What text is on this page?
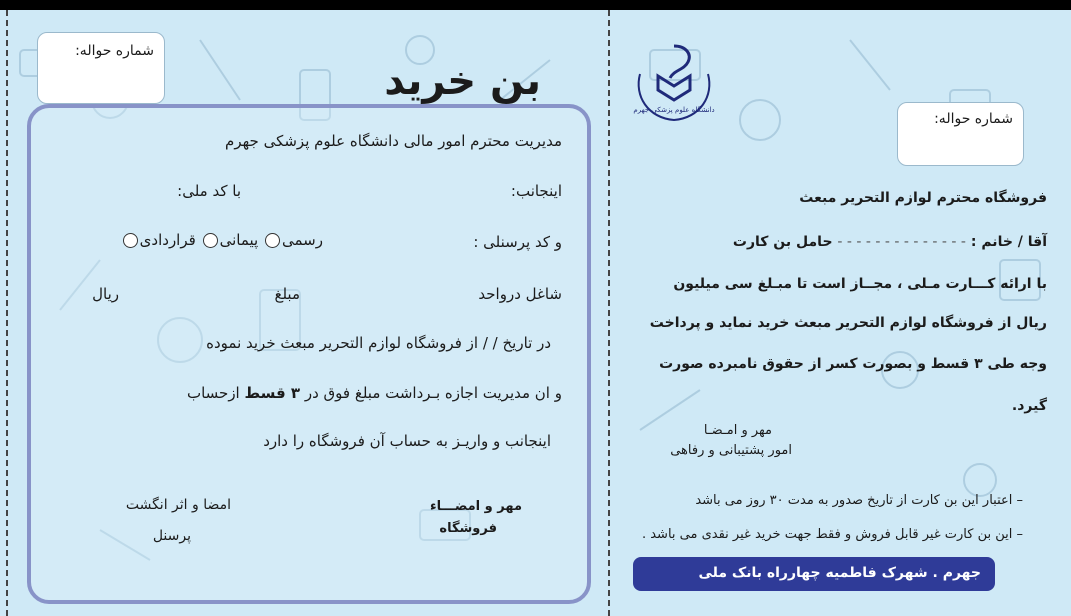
شماره حواله:
بن خرید
مدیریت محترم امور مالی دانشگاه علوم پزشکی جهرم
اینجانب:
با کد ملی:
و کد پرسنلی :
رسمی پیمانی قراردادی
شاغل درواحد
مبلغ
ریال
در تاریخ / / از فروشگاه لوازم التحریر مبعث خرید نموده
و ان مدیریت اجازه بـرداشت مبلغ فوق در ۳ قسط ازحساب
اینجانب و واریـز به حساب آن فروشگاه را دارد
امضا و اثر انگشت
پرسنل
مهر و امضـــاء
فروشگاه
دانشگاه علوم پزشکی جهرم
شماره حواله:
فروشگاه محترم لوازم التحریر مبعث
آقا / خانم : - - - - - - - - - - - - - - حامل بن کارت
با ارائه کـــارت مـلی ، مجــاز است تا مبـلغ سی میلیون
ریال از فروشگاه لوازم التحریر مبعث خرید نماید و پرداخت
وجه طی ۳ قسط و بصورت کسر از حقوق نامبرده صورت
گیرد.
مهر و امـضـا
امور پشتیبانی و رفاهی
– اعتبار این بن کارت از تاریخ صدور به مدت ۳۰ روز می باشد
– این بن کارت غیر قابل فروش و فقط جهت خرید غیر نقدی می باشد .
جهرم . شهرک فاطمیه چهارراه بانک ملی
